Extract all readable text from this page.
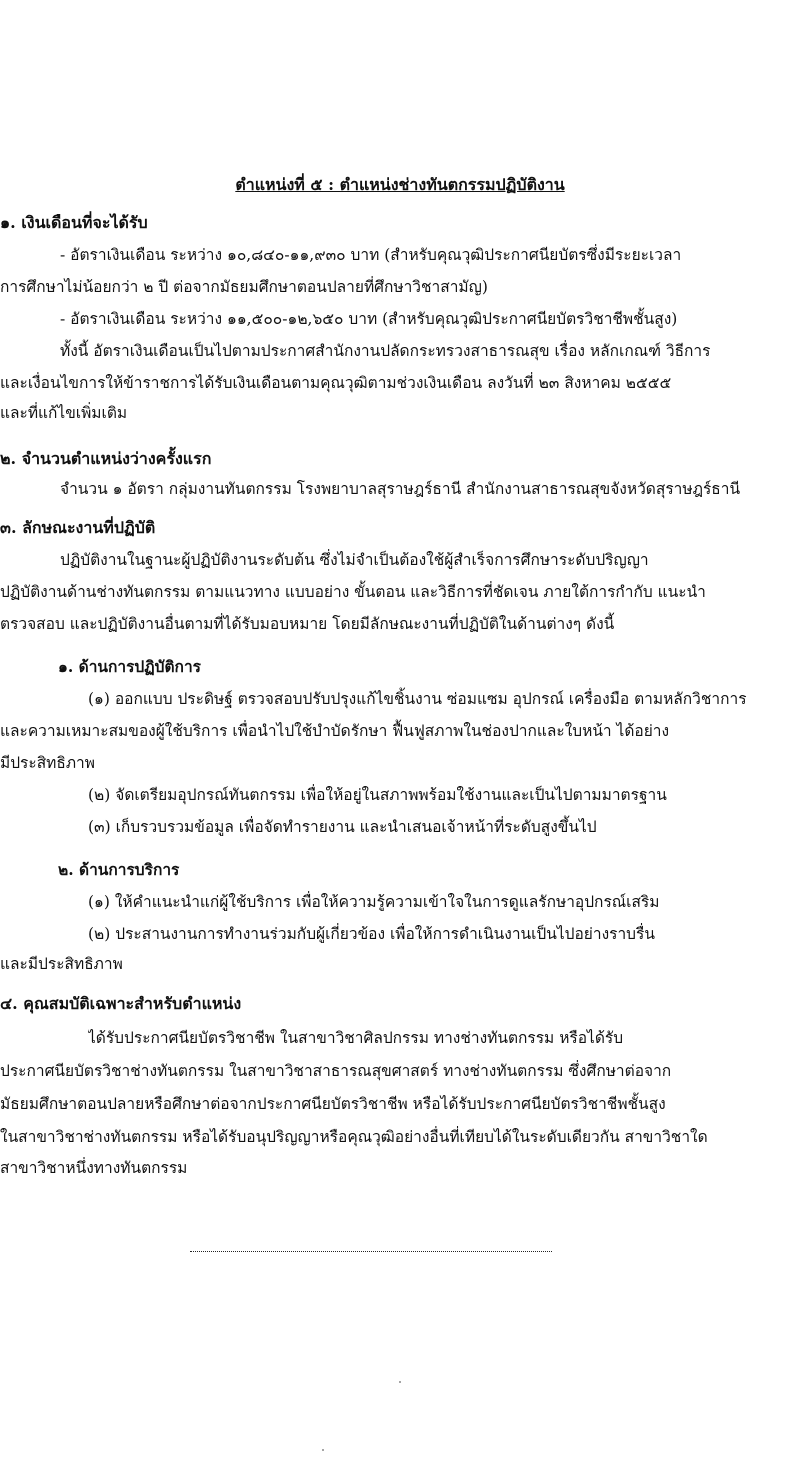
ตำแหน่งที่ ๕ : ตำแหน่งช่างทันตกรรมปฏิบัติงาน
๑. เงินเดือนที่จะได้รับ
- อัตราเงินเดือน ระหว่าง ๑๐,๘๔๐-๑๑,๙๓๐ บาท (สำหรับคุณวุฒิประกาศนียบัตรซึ่งมีระยะเวลา
การศึกษาไม่น้อยกว่า ๒ ปี ต่อจากมัธยมศึกษาตอนปลายที่ศึกษาวิชาสามัญ)
- อัตราเงินเดือน ระหว่าง ๑๑,๕๐๐-๑๒,๖๕๐ บาท (สำหรับคุณวุฒิประกาศนียบัตรวิชาชีพชั้นสูง)
ทั้งนี้ อัตราเงินเดือนเป็นไปตามประกาศสำนักงานปลัดกระทรวงสาธารณสุข เรื่อง หลักเกณฑ์ วิธีการ
และเงื่อนไขการให้ข้าราชการได้รับเงินเดือนตามคุณวุฒิตามช่วงเงินเดือน ลงวันที่ ๒๓ สิงหาคม ๒๕๕๕
และที่แก้ไขเพิ่มเติม
๒. จำนวนตำแหน่งว่างครั้งแรก
จำนวน ๑ อัตรา กลุ่มงานทันตกรรม โรงพยาบาลสุราษฎร์ธานี สำนักงานสาธารณสุขจังหวัดสุราษฎร์ธานี
๓. ลักษณะงานที่ปฏิบัติ
ปฏิบัติงานในฐานะผู้ปฏิบัติงานระดับต้น ซึ่งไม่จำเป็นต้องใช้ผู้สำเร็จการศึกษาระดับปริญญา
ปฏิบัติงานด้านช่างทันตกรรม ตามแนวทาง แบบอย่าง ขั้นตอน และวิธีการที่ชัดเจน ภายใต้การกำกับ แนะนำ
ตรวจสอบ และปฏิบัติงานอื่นตามที่ได้รับมอบหมาย โดยมีลักษณะงานที่ปฏิบัติในด้านต่างๆ ดังนี้
๑. ด้านการปฏิบัติการ
(๑) ออกแบบ ประดิษฐ์ ตรวจสอบปรับปรุงแก้ไขชิ้นงาน ซ่อมแซม อุปกรณ์ เครื่องมือ ตามหลักวิชาการ
และความเหมาะสมของผู้ใช้บริการ เพื่อนำไปใช้บำบัดรักษา ฟื้นฟูสภาพในช่องปากและใบหน้า ได้อย่าง
มีประสิทธิภาพ
(๒) จัดเตรียมอุปกรณ์ทันตกรรม เพื่อให้อยู่ในสภาพพร้อมใช้งานและเป็นไปตามมาตรฐาน
(๓) เก็บรวบรวมข้อมูล เพื่อจัดทำรายงาน และนำเสนอเจ้าหน้าที่ระดับสูงขึ้นไป
๒. ด้านการบริการ
(๑) ให้คำแนะนำแก่ผู้ใช้บริการ เพื่อให้ความรู้ความเข้าใจในการดูแลรักษาอุปกรณ์เสริม
(๒) ประสานงานการทำงานร่วมกับผู้เกี่ยวข้อง เพื่อให้การดำเนินงานเป็นไปอย่างราบรื่น
และมีประสิทธิภาพ
๔. คุณสมบัติเฉพาะสำหรับตำแหน่ง
ได้รับประกาศนียบัตรวิชาชีพ ในสาขาวิชาศิลปกรรม ทางช่างทันตกรรม หรือได้รับ
ประกาศนียบัตรวิชาช่างทันตกรรม ในสาขาวิชาสาธารณสุขศาสตร์ ทางช่างทันตกรรม ซึ่งศึกษาต่อจาก
มัธยมศึกษาตอนปลายหรือศึกษาต่อจากประกาศนียบัตรวิชาชีพ หรือได้รับประกาศนียบัตรวิชาชีพชั้นสูง
ในสาขาวิชาช่างทันตกรรม หรือได้รับอนุปริญญาหรือคุณวุฒิอย่างอื่นที่เทียบได้ในระดับเดียวกัน สาขาวิชาใด
สาขาวิชาหนึ่งทางทันตกรรม
